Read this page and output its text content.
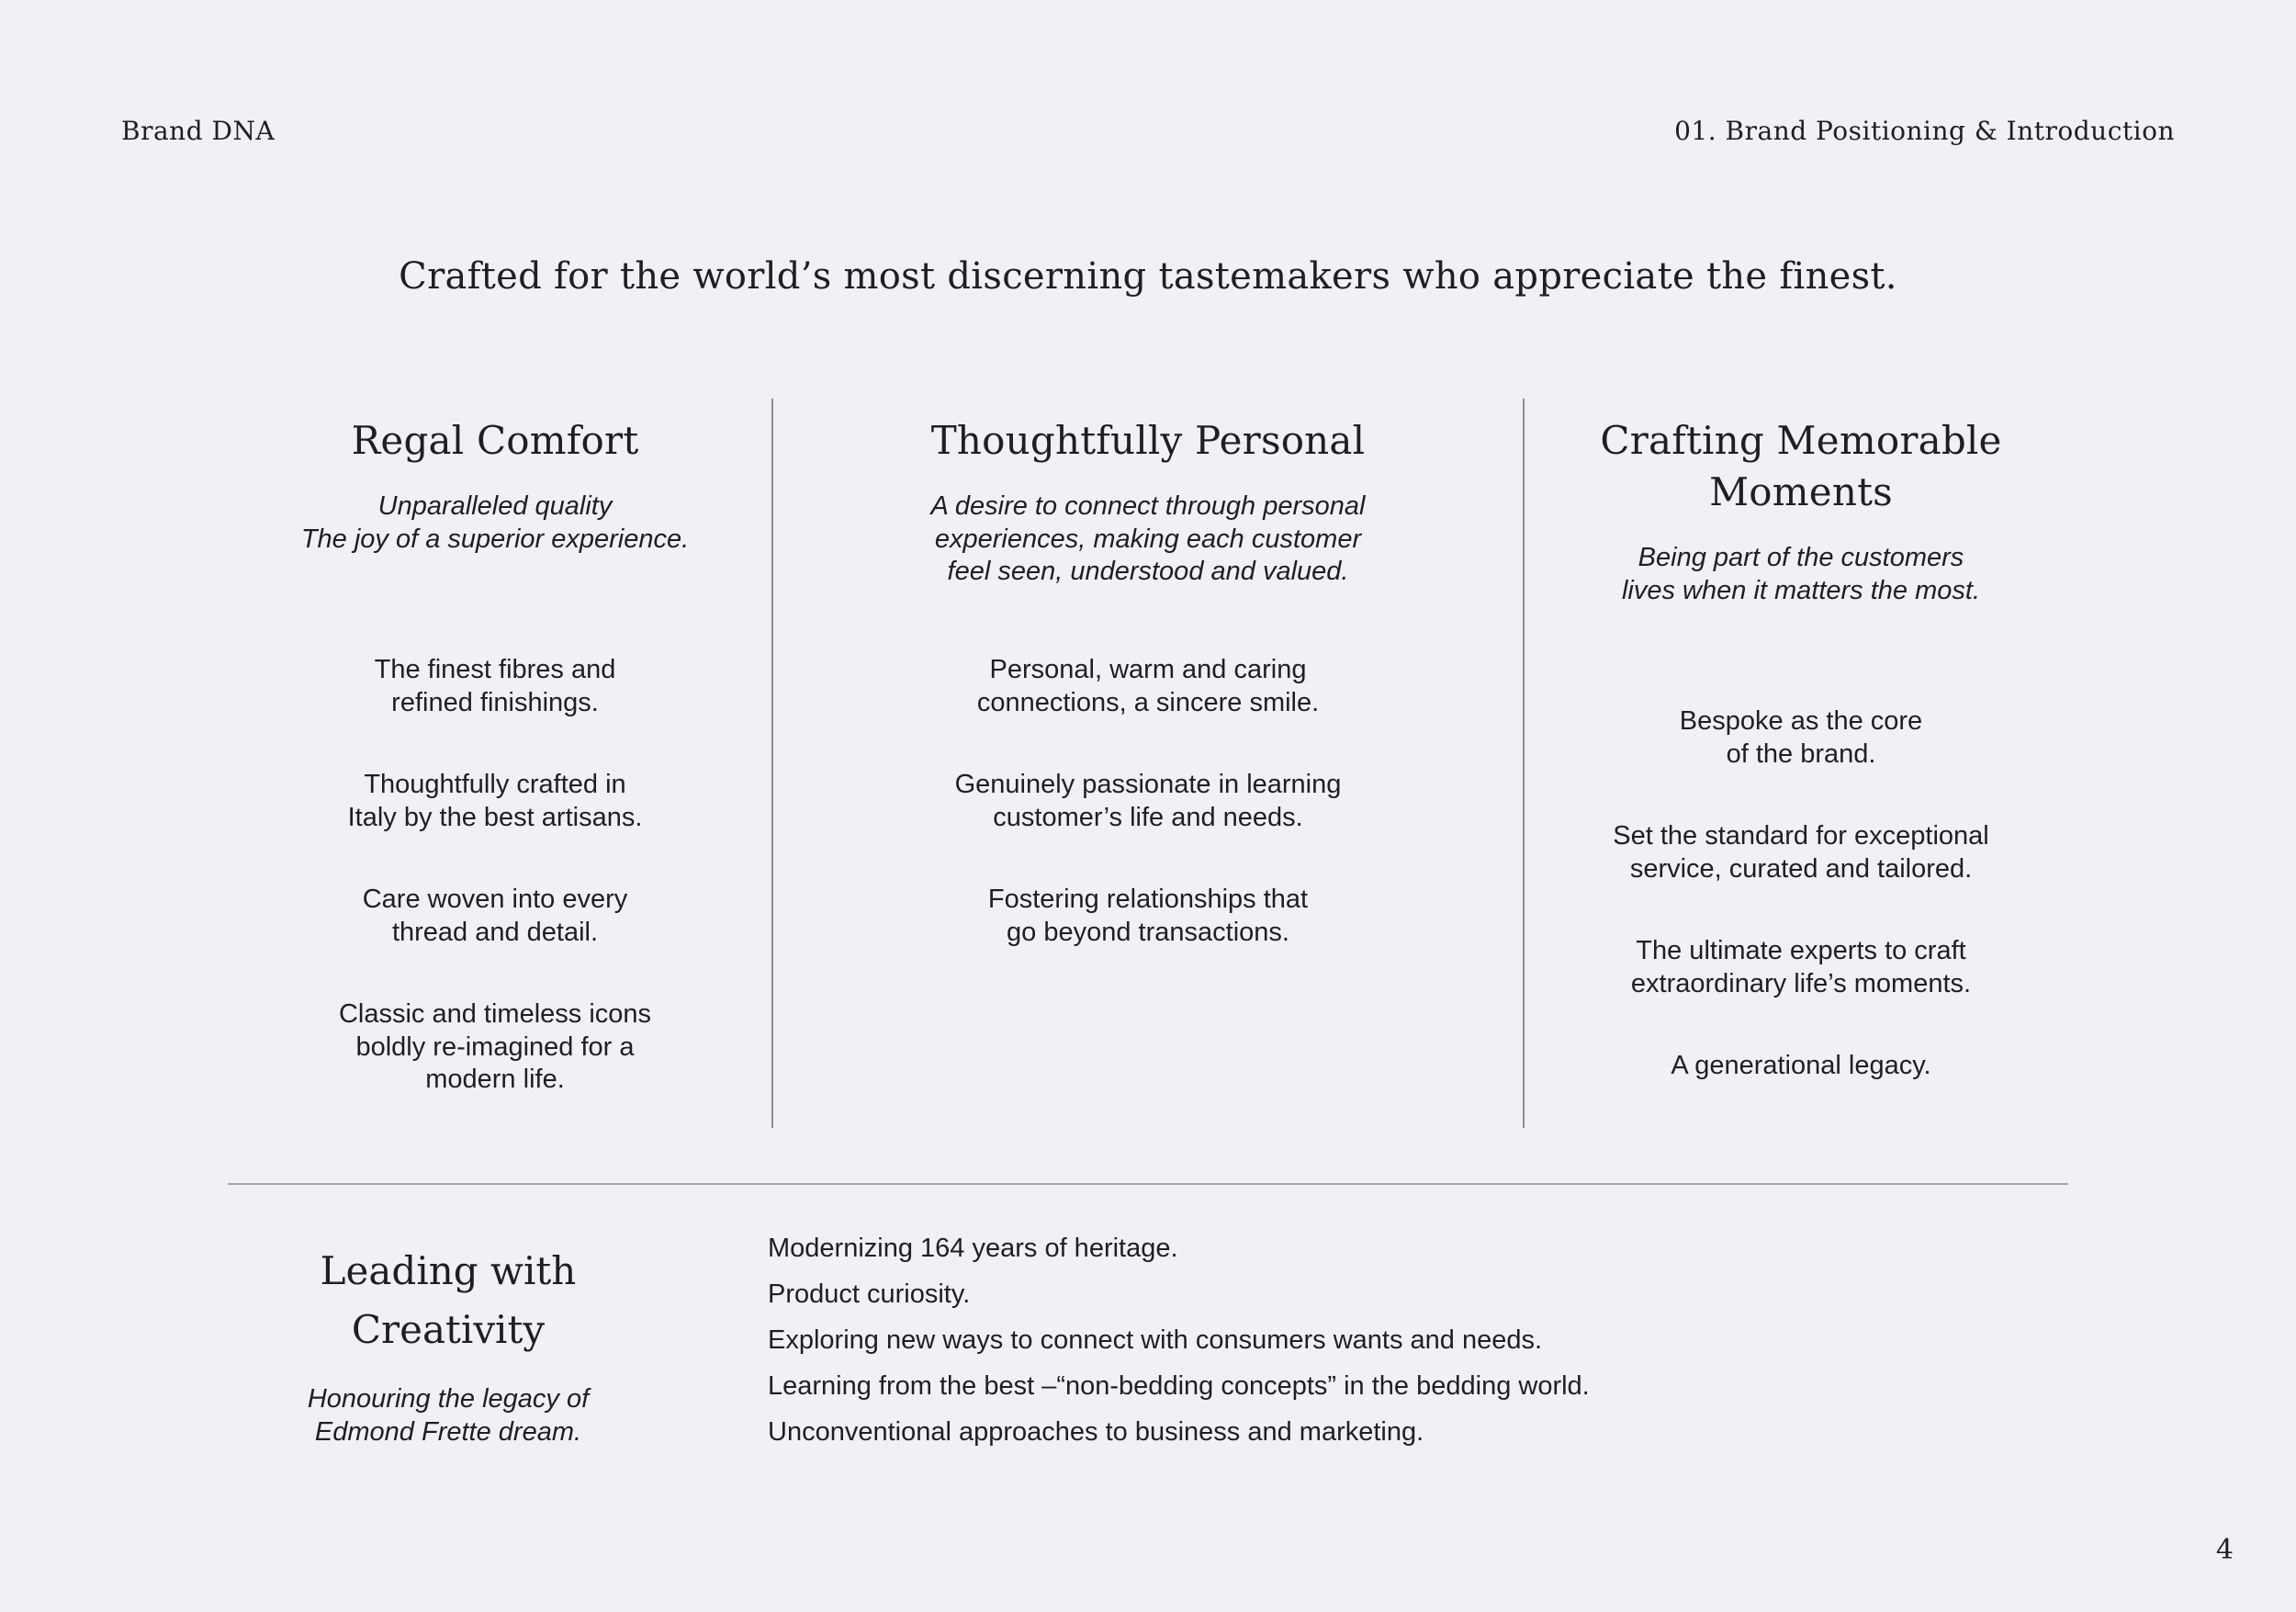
Brand DNA	01. Brand Positioning & Introduction
Crafted for the world’s most discerning tastemakers who appreciate the finest.
Regal Comfort

Unparalleled quality
The joy of a superior experience.

The finest fibres and
refined finishings.
Thoughtfully crafted in
Italy by the best artisans.
Care woven into every
thread and detail.
Classic and timeless icons
boldly re-imagined for a
modern life.
Thoughtfully Personal

A desire to connect through personal
experiences, making each customer
feel seen, understood and valued.

Personal, warm and caring
connections, a sincere smile.
Genuinely passionate in learning
customer’s life and needs.
Fostering relationships that
go beyond transactions.
Crafting Memorable Moments

Being part of the customers
lives when it matters the most.

Bespoke as the core
of the brand.
Set the standard for exceptional
service, curated and tailored.
The ultimate experts to craft
extraordinary life’s moments.
A generational legacy.
Leading with Creativity

Honouring the legacy of
Edmond Frette dream.

Modernizing 164 years of heritage.
Product curiosity.
Exploring new ways to connect with consumers wants and needs.
Learning from the best –“non-bedding concepts” in the bedding world.
Unconventional approaches to business and marketing.
4
